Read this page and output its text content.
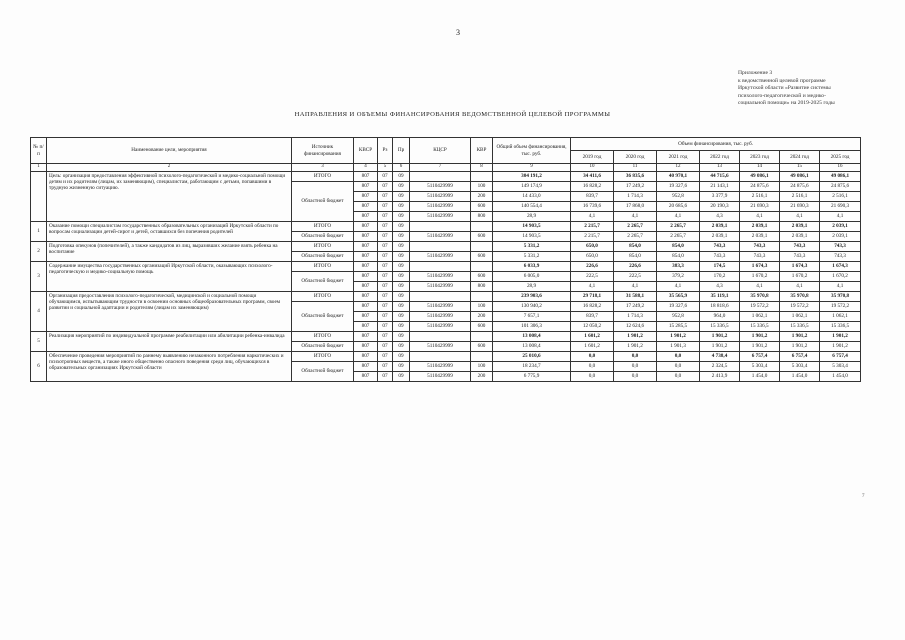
3
Приложение 3
к ведомственной целевой программе
Иркутской области «Развитие системы
психолого-педагогической и медико-
социальной помощи» на 2019-2025 годы
НАПРАВЛЕНИЯ И ОБЪЕМЫ ФИНАНСИРОВАНИЯ ВЕДОМСТВЕННОЙ ЦЕЛЕВОЙ ПРОГРАММЫ
№ п/п	Наименование цели, мероприятия	Источник финансирования	КВСР	Рз	Пр	КЦСР	КВР	Общий объем финансирования, тыс. руб.	Объем финансирования, тыс. руб.						
									2019 год	2020 год	2021 год	2022 год	2023 год	2024 год	2025 год
1	2	3	4	5	6	7	8	9	10	11	12	13	14	15	16
	Цель: организация предоставления эффективной психолого-педагогической и медико-социальной помощи детям и их родителям (лицам, их заменяющим), специалистам, работающим с детьми, попавшими в трудную жизненную ситуацию.	ИТОГО	807	07	09			304 191,2	34 411,6	36 835,6	40 970,1	44 715,6	49 086,1	49 086,1	49 086,1
		Областной бюджет	807	07	09	5110429999	100	149 174,9	16 828,2	17 249,2	19 327,6	21 143,1	24 875,6	24 875,6	24 875,6
			807	07	09	5110429999	200	14 433,0	839,7	1 714,3	952,8	3 377,9	2 516,1	2 516,1	2 516,1
			807	07	09	5110429999	600	140 554,4	16 739,6	17 868,0	20 685,6	20 190,3	21 690,3	21 690,3	21 690,3
			807	07	09	5110429999	800	28,9	4,1	4,1	4,1	4,3	4,1	4,1	4,1
1	Оказание помощи специалистам государственных образовательных организаций Иркутской области по вопросам социализации детей-сирот и детей, оставшихся без попечения родителей	ИТОГО	807	07	09			14 903,5	2 215,7	2 265,7	2 265,7	2 039,1	2 039,1	2 039,1	2 039,1
		Областной бюджет	807	07	09	5110429999	600	14 903,5	2 215,7	2 265,7	2 265,7	2 039,1	2 039,1	2 039,1	2 039,1
2	Подготовка опекунов (попечителей), а также кандидатов из лиц, выразивших желание взять ребенка на воспитание	ИТОГО	807	07	09			5 331,2	650,0	854,0	854,0	743,3	743,3	743,3	743,3
		Областной бюджет	807	07	09	5110429999	600	5 331,2	650,0	854,0	854,0	743,3	743,3	743,3	743,3
3	Содержание имущества государственных организаций Иркутской области, оказывающих психолого-педагогическую и медико-социальную помощь	ИТОГО	807	07	09			6 033,9	226,6	226,6	383,3	174,5	1 674,3	1 674,3	1 674,3
		Областной бюджет	807	07	09	5110429999	600	6 005,0	222,5	222,5	379,2	170,2	1 670,2	1 670,2	1 670,2
			807	07	09	5110429999	800	28,9	4,1	4,1	4,1	4,3	4,1	4,1	4,1
4	Организация предоставления психолого-педагогической, медицинской и социальной помощи обучающимся, испытывающим трудности в освоении основных общеобразовательных программ, своем развитии и социальной адаптации и родителям (лицам их заменяющим)	ИТОГО	807	07	09			239 903,6	29 718,1	31 588,1	35 565,9	35 119,1	35 970,8	35 970,8	35 970,8
		Областной бюджет	807	07	09	5110429999	100	130 940,2	16 828,2	17 249,2	19 327,6	18 818,6	19 572,2	19 572,2	19 572,2
			807	07	09	5110429999	200	7 657,1	839,7	1 714,3	952,8	964,0	1 062,1	1 062,1	1 062,1
			807	07	09	5110429999	600	101 306,3	12 050,2	12 624,6	15 285,5	15 336,5	15 336,5	15 336,5	15 336,5
5	Реализация мероприятий по индивидуальной программе реабилитации или абилитации ребенка-инвалида	ИТОГО	807	07	09			13 008,4	1 601,2	1 901,2	1 901,2	1 901,2	1 901,2	1 901,2	1 901,2
		Областной бюджет	807	07	09	5110429999	600	13 008,4	1 601,2	1 901,2	1 901,3	1 901,2	1 901,2	1 901,2	1 901,2
6	Обеспечение проведения мероприятий по раннему выявлению незаконного потребления наркотических и психотропных веществ, а также иного общественно опасного поведения среди лиц, обучающихся в образовательных организациях Иркутской области	ИТОГО	807	07	09			25 010,6	0,0	0,0	0,0	4 738,4	6 757,4	6 757,4	6 757,4
		Областной бюджет	807	07	09	5110429999	100	18 234,7	0,0	0,0	0,0	2 324,5	5 303,4	5 303,4	5 303,4
			807	07	09	5110429999	200	6 775,9	0,0	0,0	0,0	2 413,9	1 454,0	1 454,0	1 454,0
7
